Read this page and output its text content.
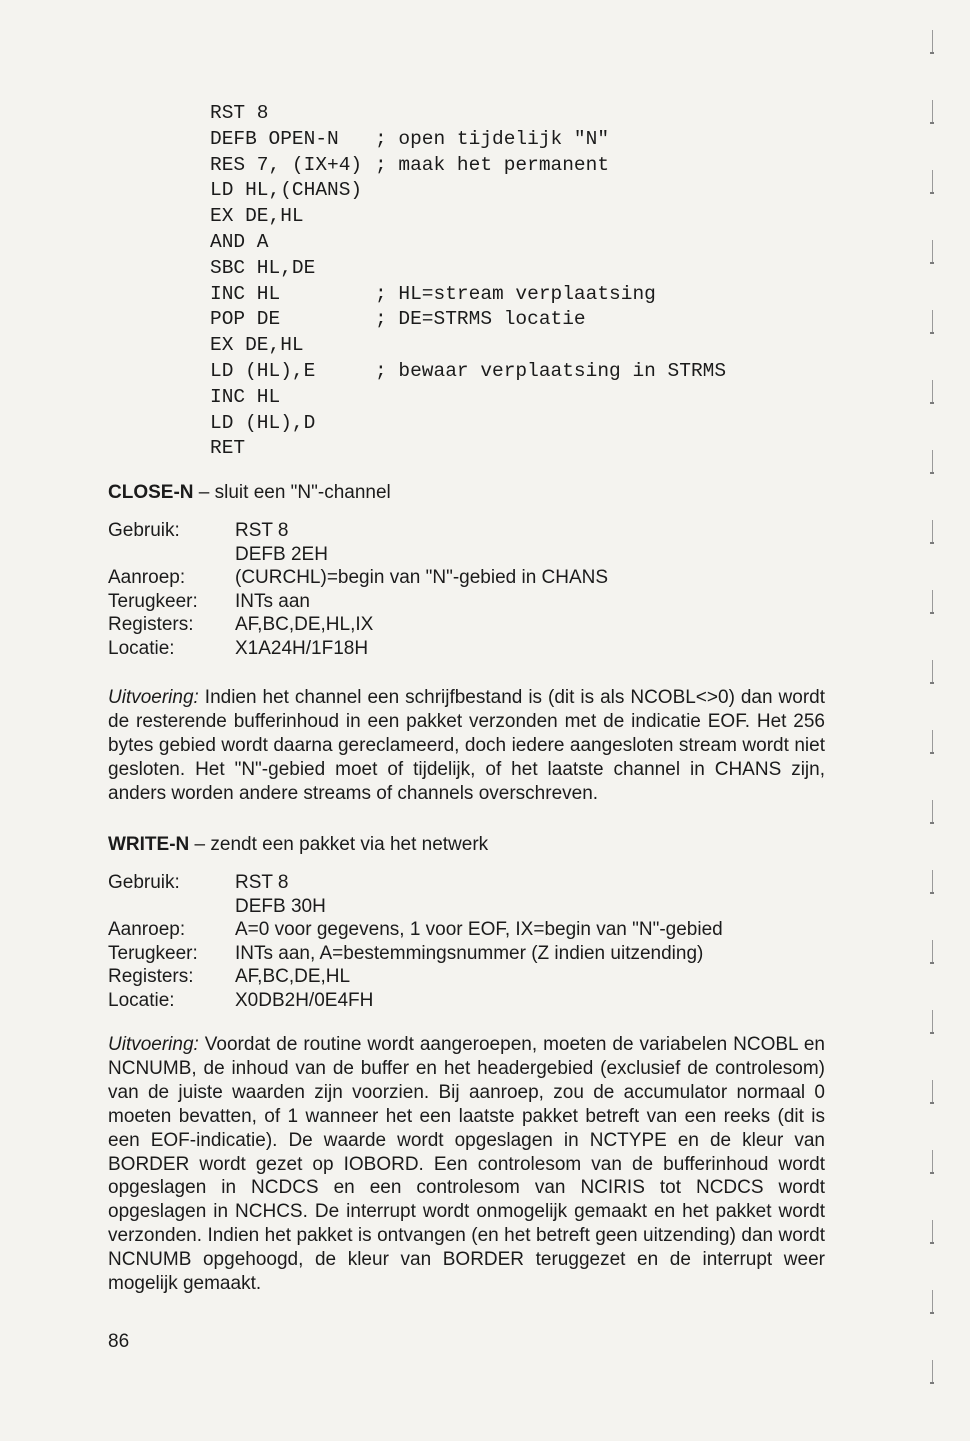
RST 8
DEFB OPEN-N ; open tijdelijk "N"
RES 7, (IX+4) ; maak het permanent
LD HL,(CHANS)
EX DE,HL
AND A
SBC HL,DE
INC HL	; HL=stream verplaatsing
POP DE	; DE=STRMS locatie
EX DE,HL
LD (HL),E	; bewaar verplaatsing in STRMS
INC HL
LD (HL),D
RET
CLOSE-N – sluit een "N"-channel
Gebruik:	RST 8
DEFB 2EH
Aanroep:	(CURCHL)=begin van "N"-gebied in CHANS
Terugkeer: INTs aan
Registers: AF,BC,DE,HL,IX
Locatie:	X1A24H/1F18H
Uitvoering: Indien het channel een schrijfbestand is (dit is als NCOBL<>0) dan wordt de resterende bufferinhoud in een pakket verzonden met de indicatie EOF. Het 256 bytes gebied wordt daarna gereclameerd, doch iedere aangesloten stream wordt niet gesloten. Het "N"-gebied moet of tijdelijk, of het laatste channel in CHANS zijn, anders worden andere streams of channels overschreven.
WRITE-N – zendt een pakket via het netwerk
Gebruik:	RST 8
DEFB 30H
Aanroep:	A=0 voor gegevens, 1 voor EOF, IX=begin van "N"-gebied
Terugkeer: INTs aan, A=bestemmingsnummer (Z indien uitzending)
Registers: AF,BC,DE,HL
Locatie:	X0DB2H/0E4FH
Uitvoering: Voordat de routine wordt aangeroepen, moeten de variabelen NCOBL en NCNUMB, de inhoud van de buffer en het headergebied (exclusief de controlesom) van de juiste waarden zijn voorzien. Bij aanroep, zou de accumulator normaal 0 moeten bevatten, of 1 wanneer het een laatste pakket betreft van een reeks (dit is een EOF-indicatie). De waarde wordt opgeslagen in NCTYPE en de kleur van BORDER wordt gezet op IOBORD. Een controlesom van de bufferinhoud wordt opgeslagen in NCDCS en een controlesom van NCIRIS tot NCDCS wordt opgeslagen in NCHCS. De interrupt wordt onmogelijk gemaakt en het pakket wordt verzonden. Indien het pakket is ontvangen (en het betreft geen uitzending) dan wordt NCNUMB opgehoogd, de kleur van BORDER teruggezet en de interrupt weer mogelijk gemaakt.
86
